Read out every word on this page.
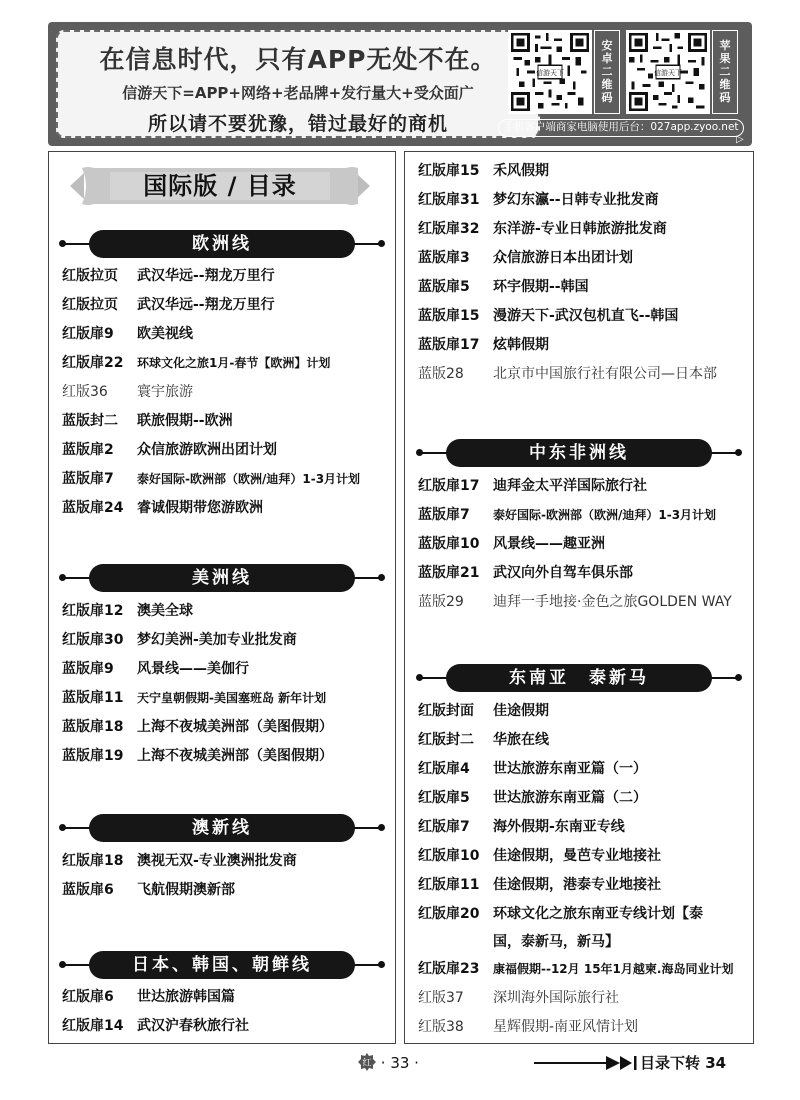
在信息时代，只有APP无处不在。
信游天下=APP+网络+老品牌+发行量大+受众面广
所以请不要犹豫，错过最好的商机
信游天下
安
卓
二
维
码
信游天下
苹
果
二
维
码
手机客户端商家电脑使用后台：027app.zyoo.net
▷
国际版 / 目录
欧洲线
红版拉页 武汉华远--翔龙万里行
红版拉页 武汉华远--翔龙万里行
红版扉9 欧美视线
红版扉22 环球文化之旅1月-春节【欧洲】计划
红版36 寰宇旅游
蓝版封二 联旅假期--欧洲
蓝版扉2 众信旅游欧洲出团计划
蓝版扉7 泰好国际-欧洲部（欧洲/迪拜）1-3月计划
蓝版扉24 睿诚假期带您游欧洲
美洲线
红版扉12 澳美全球
红版扉30 梦幻美洲-美加专业批发商
蓝版扉9 风景线——美伽行
蓝版扉11 天宁皇朝假期-美国塞班岛 新年计划
蓝版扉18 上海不夜城美洲部（美图假期）
蓝版扉19 上海不夜城美洲部（美图假期）
澳新线
红版扉18 澳视无双-专业澳洲批发商
蓝版扉6 飞航假期澳新部
日本、韩国、朝鲜线
红版扉6 世达旅游韩国篇
红版扉14 武汉沪春秋旅行社
红版扉15 禾风假期
红版扉31 梦幻东瀛--日韩专业批发商
红版扉32 东洋游-专业日韩旅游批发商
蓝版扉3 众信旅游日本出团计划
蓝版扉5 环宇假期--韩国
蓝版扉15 漫游天下-武汉包机直飞--韩国
蓝版扉17 炫韩假期
蓝版28 北京市中国旅行社有限公司—日本部
中东非洲线
红版扉17 迪拜金太平洋国际旅行社
蓝版扉7 泰好国际-欧洲部（欧洲/迪拜）1-3月计划
蓝版扉10 风景线——趣亚洲
蓝版扉21 武汉向外自驾车俱乐部
蓝版29 迪拜一手地接·金色之旅GOLDEN WAY
东南亚　泰新马
红版封面 佳途假期
红版封二 华旅在线
红版扉4 世达旅游东南亚篇（一）
红版扉5 世达旅游东南亚篇（二）
红版扉7 海外假期-东南亚专线
红版扉10 佳途假期，曼芭专业地接社
红版扉11 佳途假期，港泰专业地接社
红版扉20 环球文化之旅东南亚专线计划【泰
国，泰新马，新马】
红版扉23 康福假期--12月 15年1月越柬.海岛同业计划
红版37 深圳海外国际旅行社
红版38 星辉假期-南亚风情计划
红 · 33 ·	目录下转 34
